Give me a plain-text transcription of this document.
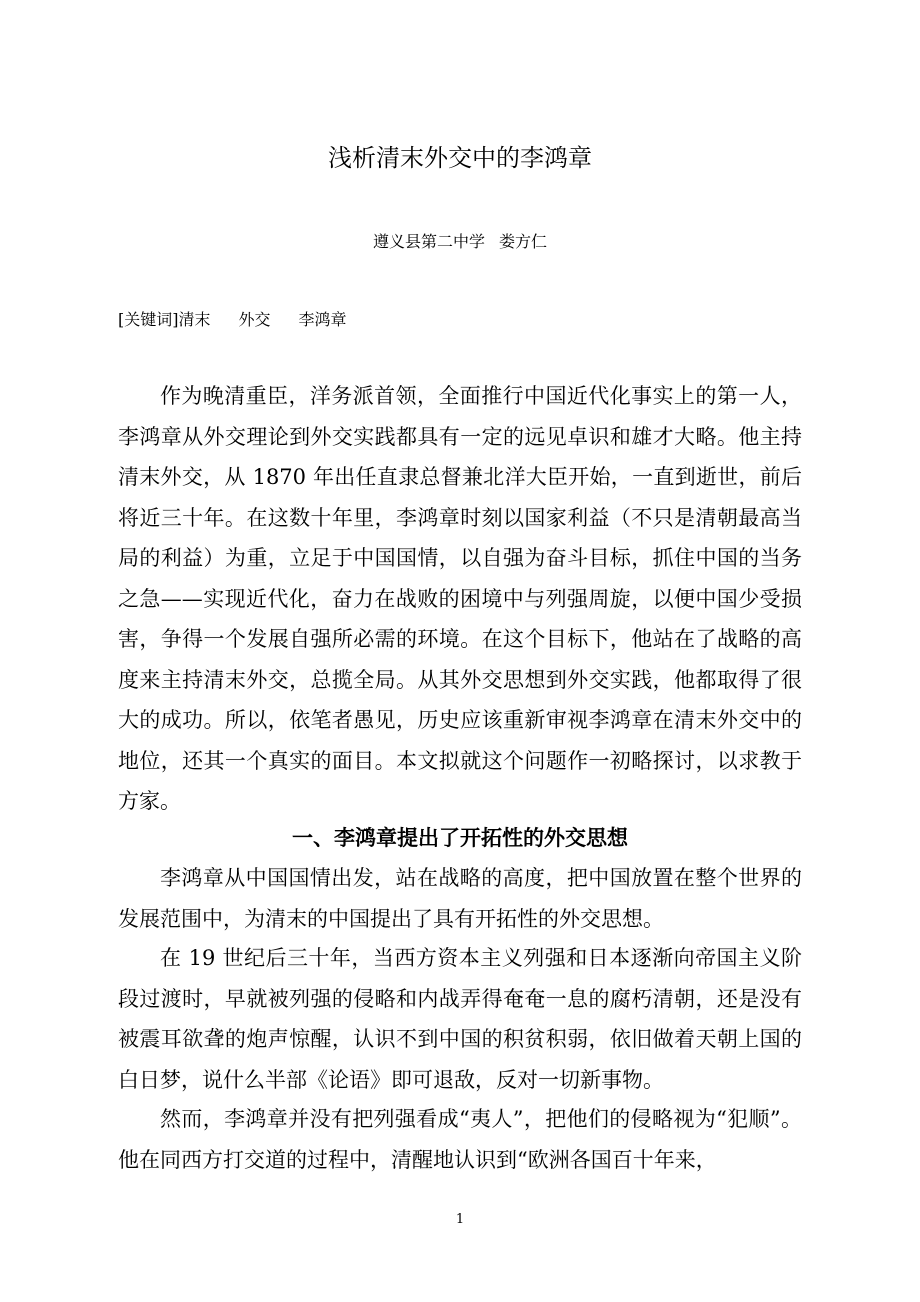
浅析清末外交中的李鸿章

遵义县第二中学 娄方仁

[关键词]清末 外交 李鸿章

作为晚清重臣，洋务派首领，全面推行中国近代化事实上的第一人，李鸿章从外交理论到外交实践都具有一定的远见卓识和雄才大略。他主持清末外交，从 1870 年出任直隶总督兼北洋大臣开始，一直到逝世，前后将近三十年。在这数十年里，李鸿章时刻以国家利益（不只是清朝最高当局的利益）为重，立足于中国国情，以自强为奋斗目标，抓住中国的当务之急——实现近代化，奋力在战败的困境中与列强周旋，以便中国少受损害，争得一个发展自强所必需的环境。在这个目标下，他站在了战略的高度来主持清末外交，总揽全局。从其外交思想到外交实践，他都取得了很大的成功。所以，依笔者愚见，历史应该重新审视李鸿章在清末外交中的地位，还其一个真实的面目。本文拟就这个问题作一初略探讨，以求教于方家。

一、李鸿章提出了开拓性的外交思想

李鸿章从中国国情出发，站在战略的高度，把中国放置在整个世界的发展范围中，为清末的中国提出了具有开拓性的外交思想。

在 19 世纪后三十年，当西方资本主义列强和日本逐渐向帝国主义阶段过渡时，早就被列强的侵略和内战弄得奄奄一息的腐朽清朝，还是没有被震耳欲聋的炮声惊醒，认识不到中国的积贫积弱，依旧做着天朝上国的白日梦，说什么半部《论语》即可退敌，反对一切新事物。

然而，李鸿章并没有把列强看成“夷人”，把他们的侵略视为“犯顺”。他在同西方打交道的过程中，清醒地认识到“欧洲各国百十年来，

1
